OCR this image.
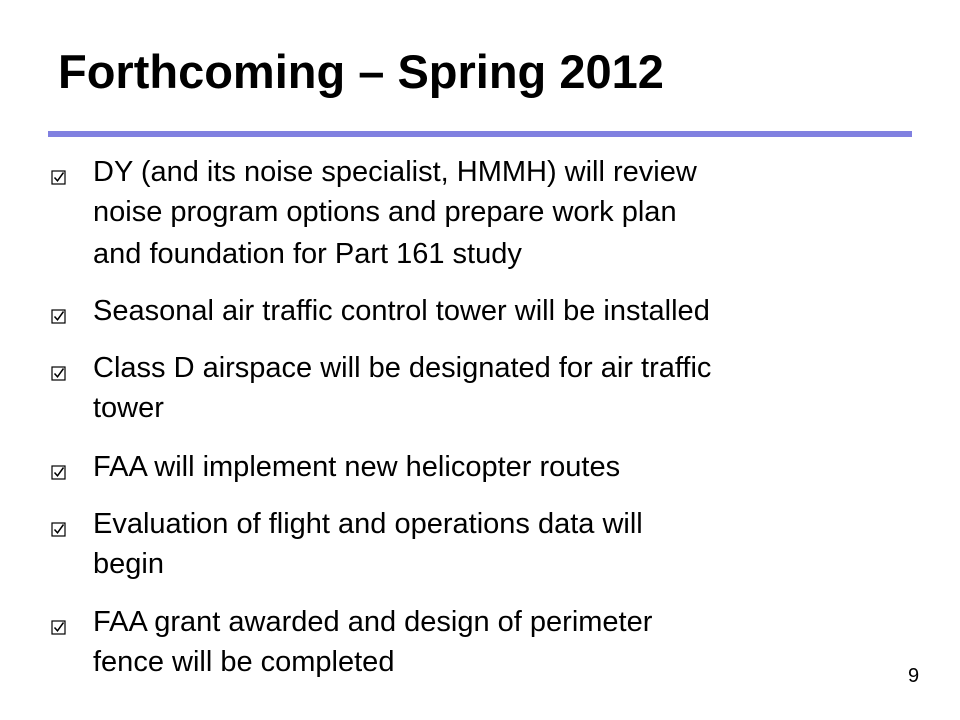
Forthcoming – Spring 2012
DY (and its noise specialist, HMMH) will review
noise program options and prepare work plan
and foundation for Part 161 study
Seasonal air traffic control tower will be installed
Class D airspace will be designated for air traffic
tower
FAA will implement new helicopter routes
Evaluation of flight and operations data will
begin
FAA grant awarded and design of perimeter
fence will be completed	9
